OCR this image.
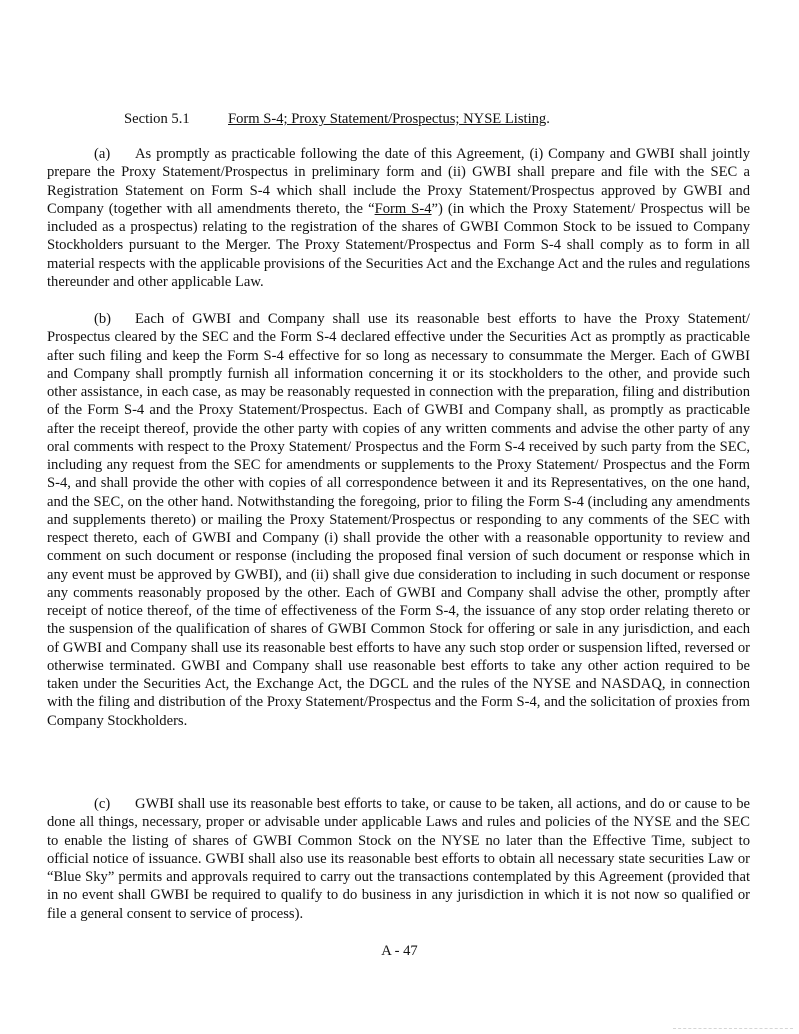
Section 5.1	Form S-4; Proxy Statement/Prospectus; NYSE Listing.

(a) As promptly as practicable following the date of this Agreement, (i) Company and GWBI shall jointly prepare the Proxy Statement/Prospectus in preliminary form and (ii) GWBI shall prepare and file with the SEC a Registration Statement on Form S-4 which shall include the Proxy Statement/Prospectus approved by GWBI and Company (together with all amendments thereto, the “Form S-4”) (in which the Proxy Statement/ Prospectus will be included as a prospectus) relating to the registration of the shares of GWBI Common Stock to be issued to Company Stockholders pursuant to the Merger. The Proxy Statement/Prospectus and Form S-4 shall comply as to form in all material respects with the applicable provisions of the Securities Act and the Exchange Act and the rules and regulations thereunder and other applicable Law.

(b) Each of GWBI and Company shall use its reasonable best efforts to have the Proxy Statement/ Prospectus cleared by the SEC and the Form S-4 declared effective under the Securities Act as promptly as practicable after such filing and keep the Form S-4 effective for so long as necessary to consummate the Merger. Each of GWBI and Company shall promptly furnish all information concerning it or its stockholders to the other, and provide such other assistance, in each case, as may be reasonably requested in connection with the preparation, filing and distribution of the Form S-4 and the Proxy Statement/Prospectus. Each of GWBI and Company shall, as promptly as practicable after the receipt thereof, provide the other party with copies of any written comments and advise the other party of any oral comments with respect to the Proxy Statement/ Prospectus and the Form S-4 received by such party from the SEC, including any request from the SEC for amendments or supplements to the Proxy Statement/ Prospectus and the Form S-4, and shall provide the other with copies of all correspondence between it and its Representatives, on the one hand, and the SEC, on the other hand. Notwithstanding the foregoing, prior to filing the Form S-4 (including any amendments and supplements thereto) or mailing the Proxy Statement/Prospectus or responding to any comments of the SEC with respect thereto, each of GWBI and Company (i) shall provide the other with a reasonable opportunity to review and comment on such document or response (including the proposed final version of such document or response which in any event must be approved by GWBI), and (ii) shall give due consideration to including in such document or response any comments reasonably proposed by the other. Each of GWBI and Company shall advise the other, promptly after receipt of notice thereof, of the time of effectiveness of the Form S-4, the issuance of any stop order relating thereto or the suspension of the qualification of shares of GWBI Common Stock for offering or sale in any jurisdiction, and each of GWBI and Company shall use its reasonable best efforts to have any such stop order or suspension lifted, reversed or otherwise terminated. GWBI and Company shall use reasonable best efforts to take any other action required to be taken under the Securities Act, the Exchange Act, the DGCL and the rules of the NYSE and NASDAQ, in connection with the filing and distribution of the Proxy Statement/Prospectus and the Form S-4, and the solicitation of proxies from Company Stockholders.

(c) GWBI shall use its reasonable best efforts to take, or cause to be taken, all actions, and do or cause to be done all things, necessary, proper or advisable under applicable Laws and rules and policies of the NYSE and the SEC to enable the listing of shares of GWBI Common Stock on the NYSE no later than the Effective Time, subject to official notice of issuance. GWBI shall also use its reasonable best efforts to obtain all necessary state securities Law or “Blue Sky” permits and approvals required to carry out the transactions contemplated by this Agreement (provided that in no event shall GWBI be required to qualify to do business in any jurisdiction in which it is not now so qualified or file a general consent to service of process).

A - 47
